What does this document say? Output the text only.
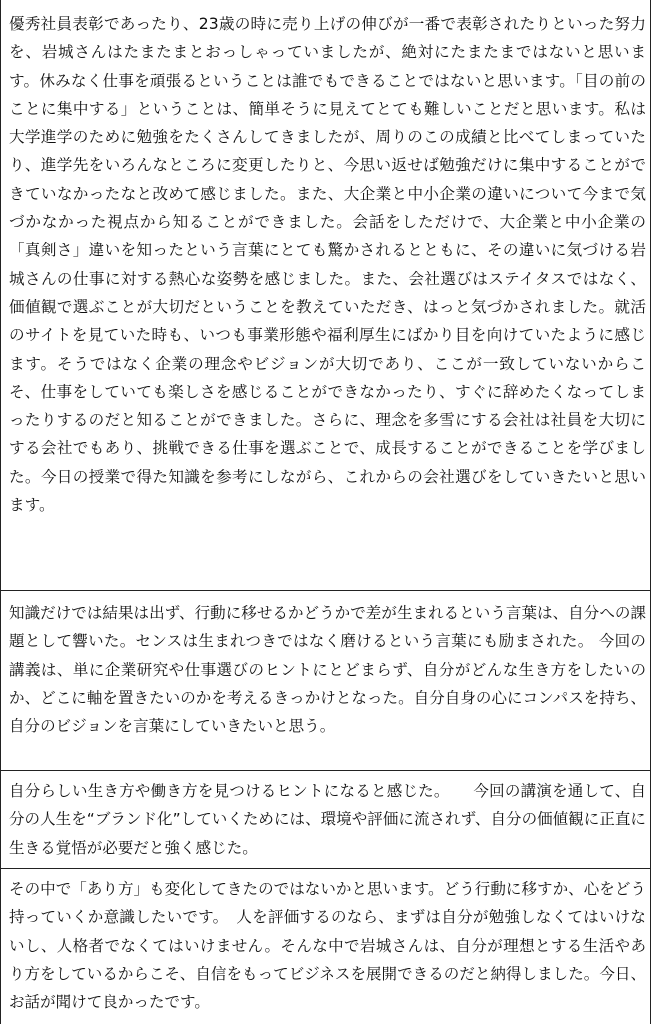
優秀社員表彰であったり、23歳の時に売り上げの伸びが一番で表彰されたりといった努力を、岩城さんはたまたまとおっしゃっていましたが、絶対にたまたまではないと思います。休みなく仕事を頑張るということは誰でもできることではないと思います。「目の前のことに集中する」ということは、簡単そうに見えてとても難しいことだと思います。私は大学進学のために勉強をたくさんしてきましたが、周りのこの成績と比べてしまっていたり、進学先をいろんなところに変更したりと、今思い返せば勉強だけに集中することができていなかったなと改めて感じました。また、大企業と中小企業の違いについて今まで気づかなかった視点から知ることができました。会話をしただけで、大企業と中小企業の「真剣さ」違いを知ったという言葉にとても驚かされるとともに、その違いに気づける岩城さんの仕事に対する熱心な姿勢を感じました。また、会社選びはステイタスではなく、価値観で選ぶことが大切だということを教えていただき、はっと気づかされました。就活のサイトを見ていた時も、いつも事業形態や福利厚生にばかり目を向けていたように感じます。そうではなく企業の理念やビジョンが大切であり、ここが一致していないからこそ、仕事をしていても楽しさを感じることができなかったり、すぐに辞めたくなってしまったりするのだと知ることができました。さらに、理念を多雪にする会社は社員を大切にする会社でもあり、挑戦できる仕事を選ぶことで、成長することができることを学びました。今日の授業で得た知識を参考にしながら、これからの会社選びをしていきたいと思います。

知識だけでは結果は出ず、行動に移せるかどうかで差が生まれるという言葉は、自分への課題として響いた。センスは生まれつきではなく磨けるという言葉にも励まされた。 今回の講義は、単に企業研究や仕事選びのヒントにとどまらず、自分がどんな生き方をしたいのか、どこに軸を置きたいのかを考えるきっかけとなった。自分自身の心にコンパスを持ち、自分のビジョンを言葉にしていきたいと思う。

自分らしい生き方や働き方を見つけるヒントになると感じた。　　今回の講演を通して、自分の人生を“ブランド化”していくためには、環境や評価に流されず、自分の価値観に正直に生きる覚悟が必要だと強く感じた。

その中で「あり方」も変化してきたのではないかと思います。どう行動に移すか、心をどう持っていくか意識したいです。　人を評価するのなら、まずは自分が勉強しなくてはいけないし、人格者でなくてはいけません。そんな中で岩城さんは、自分が理想とする生活やあり方をしているからこそ、自信をもってビジネスを展開できるのだと納得しました。今日、お話が聞けて良かったです。
